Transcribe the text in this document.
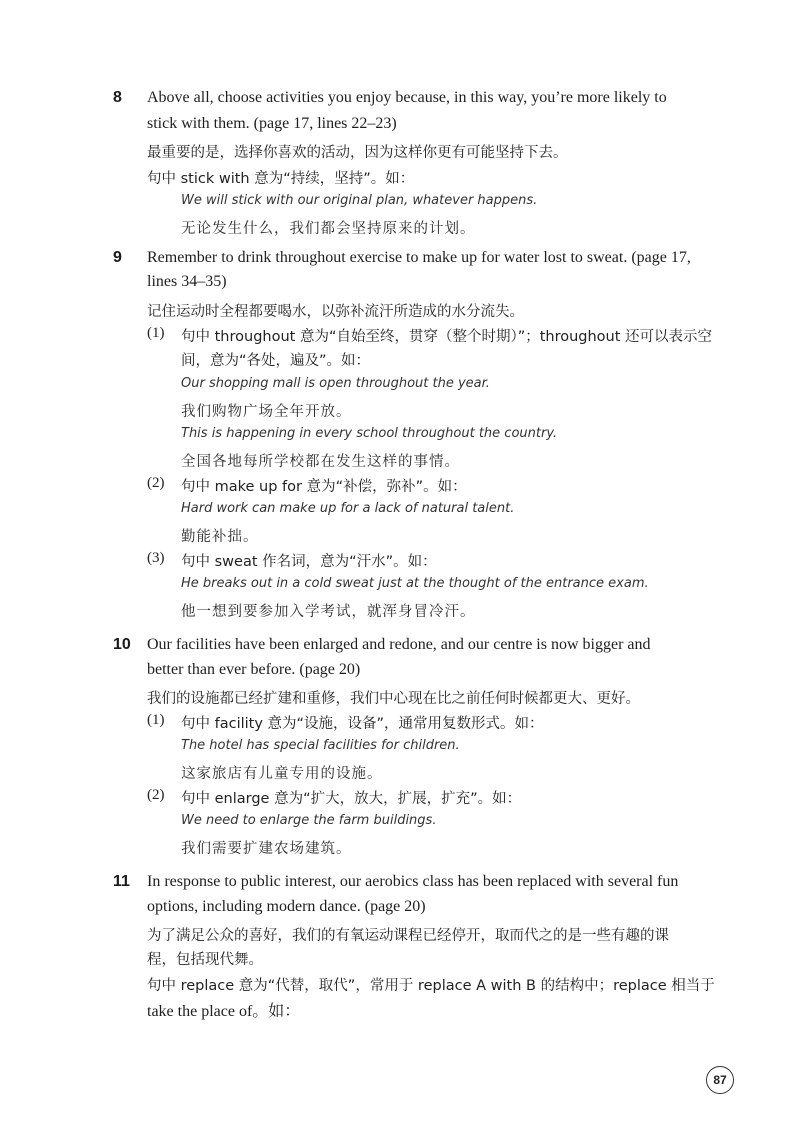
8 Above all, choose activities you enjoy because, in this way, you’re more likely to
stick with them. (page 17, lines 22–23)
最重要的是，选择你喜欢的活动，因为这样你更有可能坚持下去。
句中 stick with 意为“持续，坚持”。如：
We will stick with our original plan, whatever happens.
无论发生什么，我们都会坚持原来的计划。
9 Remember to drink throughout exercise to make up for water lost to sweat. (page 17,
lines 34–35)
记住运动时全程都要喝水，以弥补流汗所造成的水分流失。
(1) 句中 throughout 意为“自始至终，贯穿（整个时期）”；throughout 还可以表示空
间，意为“各处，遍及”。如：
Our shopping mall is open throughout the year.
我们购物广场全年开放。
This is happening in every school throughout the country.
全国各地每所学校都在发生这样的事情。
(2) 句中 make up for 意为“补偿，弥补”。如：
Hard work can make up for a lack of natural talent.
勤能补拙。
(3) 句中 sweat 作名词，意为“汗水”。如：
He breaks out in a cold sweat just at the thought of the entrance exam.
他一想到要参加入学考试，就浑身冒冷汗。
10 Our facilities have been enlarged and redone, and our centre is now bigger and
better than ever before. (page 20)
我们的设施都已经扩建和重修，我们中心现在比之前任何时候都更大、更好。
(1) 句中 facility 意为“设施，设备”，通常用复数形式。如：
The hotel has special facilities for children.
这家旅店有儿童专用的设施。
(2) 句中 enlarge 意为“扩大，放大，扩展，扩充”。如：
We need to enlarge the farm buildings.
我们需要扩建农场建筑。
11 In response to public interest, our aerobics class has been replaced with several fun
options, including modern dance. (page 20)
为了满足公众的喜好，我们的有氧运动课程已经停开，取而代之的是一些有趣的课
程，包括现代舞。
句中 replace 意为“代替，取代”，常用于 replace A with B 的结构中；replace 相当于
take the place of。如：
87
